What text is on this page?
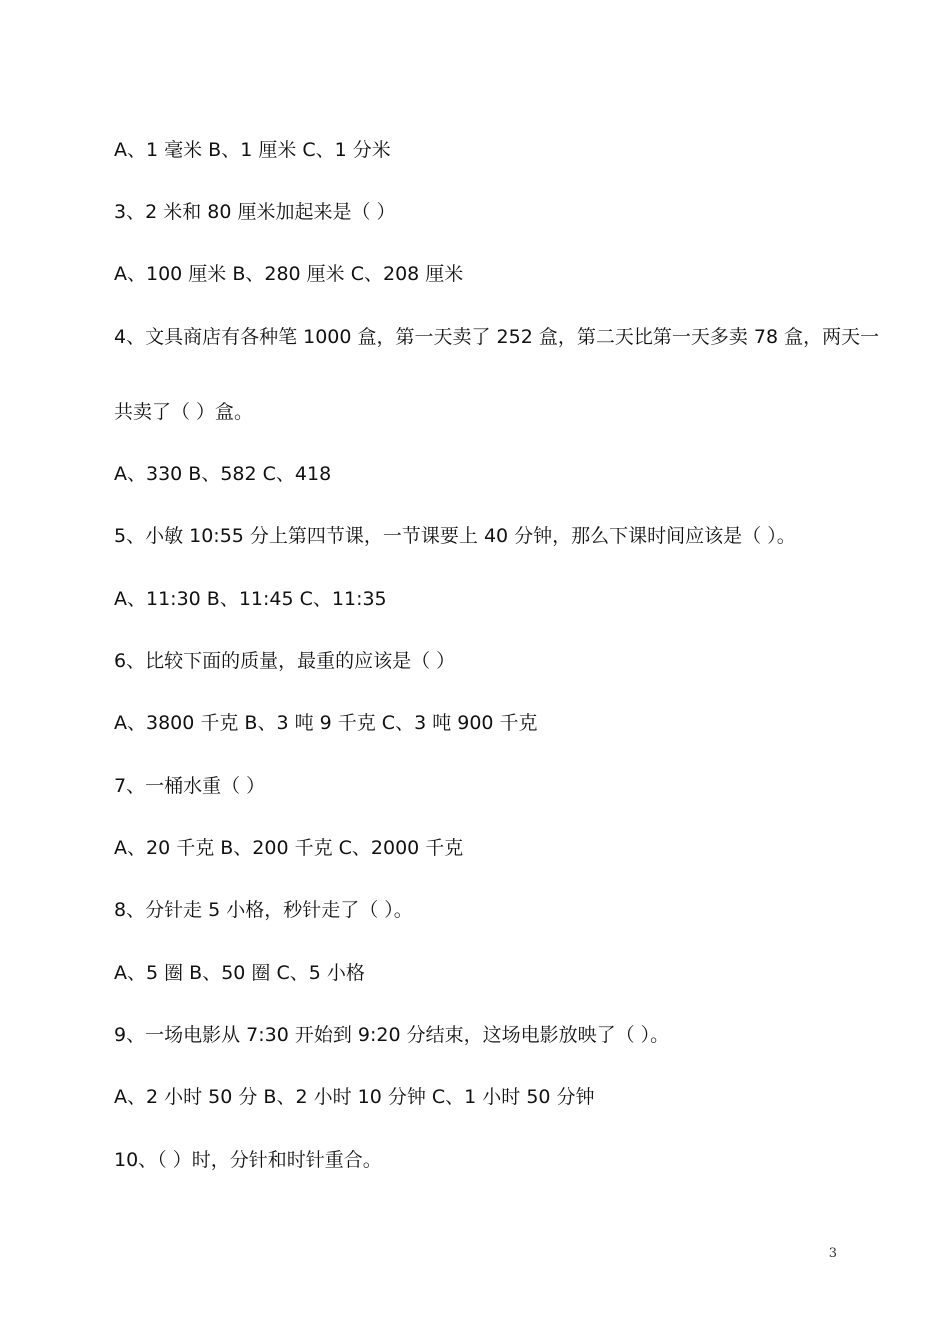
A、1 毫米 B、1 厘米 C、1 分米
3、2 米和 80 厘米加起来是（ ）
A、100 厘米 B、280 厘米 C、208 厘米
4、文具商店有各种笔 1000 盒，第一天卖了 252 盒，第二天比第一天多卖 78 盒，两天一
共卖了（ ）盒。
A、330 B、582 C、418
5、小敏 10:55 分上第四节课，一节课要上 40 分钟，那么下课时间应该是（ ）。
A、11:30 B、11:45 C、11:35
6、比较下面的质量，最重的应该是（ ）
A、3800 千克 B、3 吨 9 千克 C、3 吨 900 千克
7、一桶水重（ ）
A、20 千克 B、200 千克 C、2000 千克
8、分针走 5 小格，秒针走了（ ）。
A、5 圈 B、50 圈 C、5 小格
9、一场电影从 7:30 开始到 9:20 分结束，这场电影放映了（ ）。
A、2 小时 50 分 B、2 小时 10 分钟 C、1 小时 50 分钟
10、（ ）时，分针和时针重合。
3
